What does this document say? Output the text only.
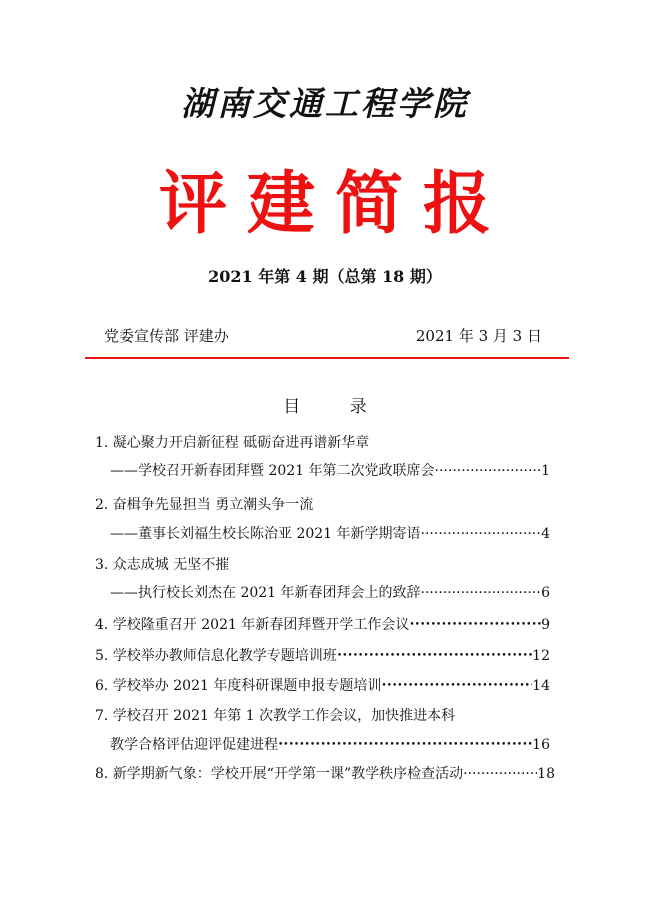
湖南交通工程学院
评建简报
2021 年第 4 期（总第 18 期）
党委宣传部 评建办	2021 年 3 月 3 日
目 录
1. 凝心聚力开启新征程 砥砺奋进再谱新华章
——学校召开新春团拜暨 2021 年第二次党政联席会 ·····	1
2. 奋楫争先显担当 勇立潮头争一流
——董事长刘福生校长陈治亚 2021 年新学期寄语 ·····	4
3. 众志成城 无坚不摧
——执行校长刘杰在 2021 年新春团拜会上的致辞 ·····	6
4. 学校隆重召开 2021 年新春团拜暨开学工作会议 •••••	9
5. 学校举办教师信息化教学专题培训班 •••••	12
6. 学校举办 2021 年度科研课题申报专题培训 •••••	14
7. 学校召开 2021 年第 1 次教学工作会议，加快推进本科
教学合格评估迎评促建进程 •••••	16
8. 新学期新气象：学校开展“开学第一课”教学秩序检查活动 ·····	18
